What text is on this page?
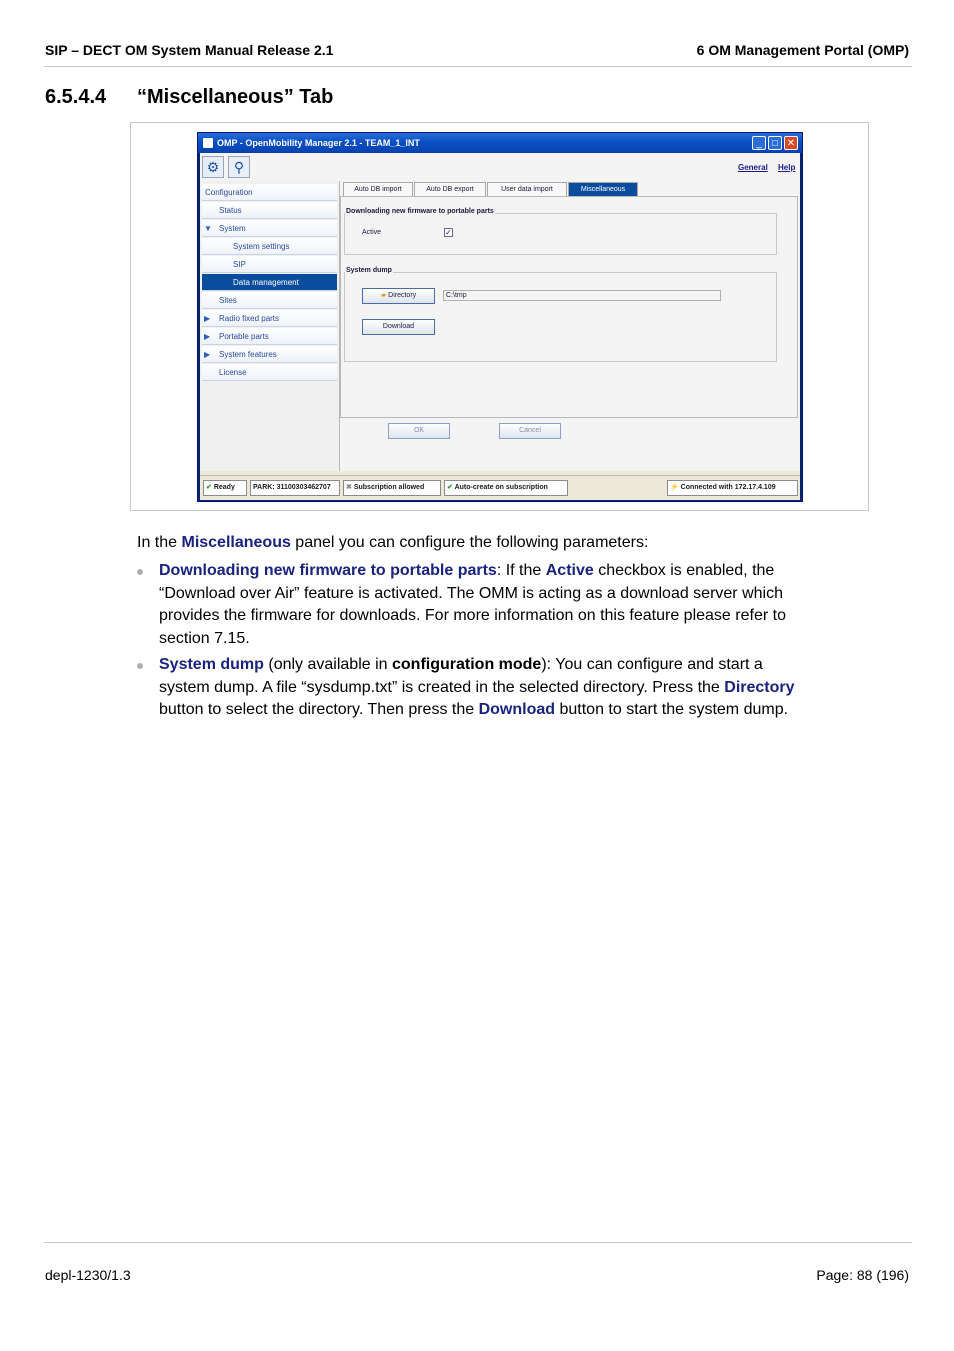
SIP – DECT OM System Manual Release 2.1	6 OM Management Portal (OMP)
6.5.4.4 “Miscellaneous” Tab
OMP - OpenMobility Manager 2.1 - TEAM_1_INT	_	□ ✕
⚙	⚲	General Help
Configuration
Status
▼ System
System settings
SIP
Data management
Sites
▶ Radio fixed parts
▶ Portable parts
▶ System features
License
Auto DB import	Auto DB export	User data import	Miscellaneous
Downloading new firmware to portable parts
Active	✓
System dump
▰ Directory	C:\tmp
Download
OK	Cancel
✔ Ready	PARK: 31100303462707	✖ Subscription allowed	✔ Auto-create on subscription	⚡ Connected with 172.17.4.109
In the Miscellaneous panel you can configure the following parameters:
Downloading new firmware to portable parts: If the Active checkbox is enabled, the
“Download over Air” feature is activated. The OMM is acting as a download server which
provides the firmware for downloads. For more information on this feature please refer to
section 7.15.
System dump (only available in configuration mode): You can configure and start a
system dump. A file “sysdump.txt” is created in the selected directory. Press the Directory
button to select the directory. Then press the Download button to start the system dump.
depl-1230/1.3	Page: 88 (196)
